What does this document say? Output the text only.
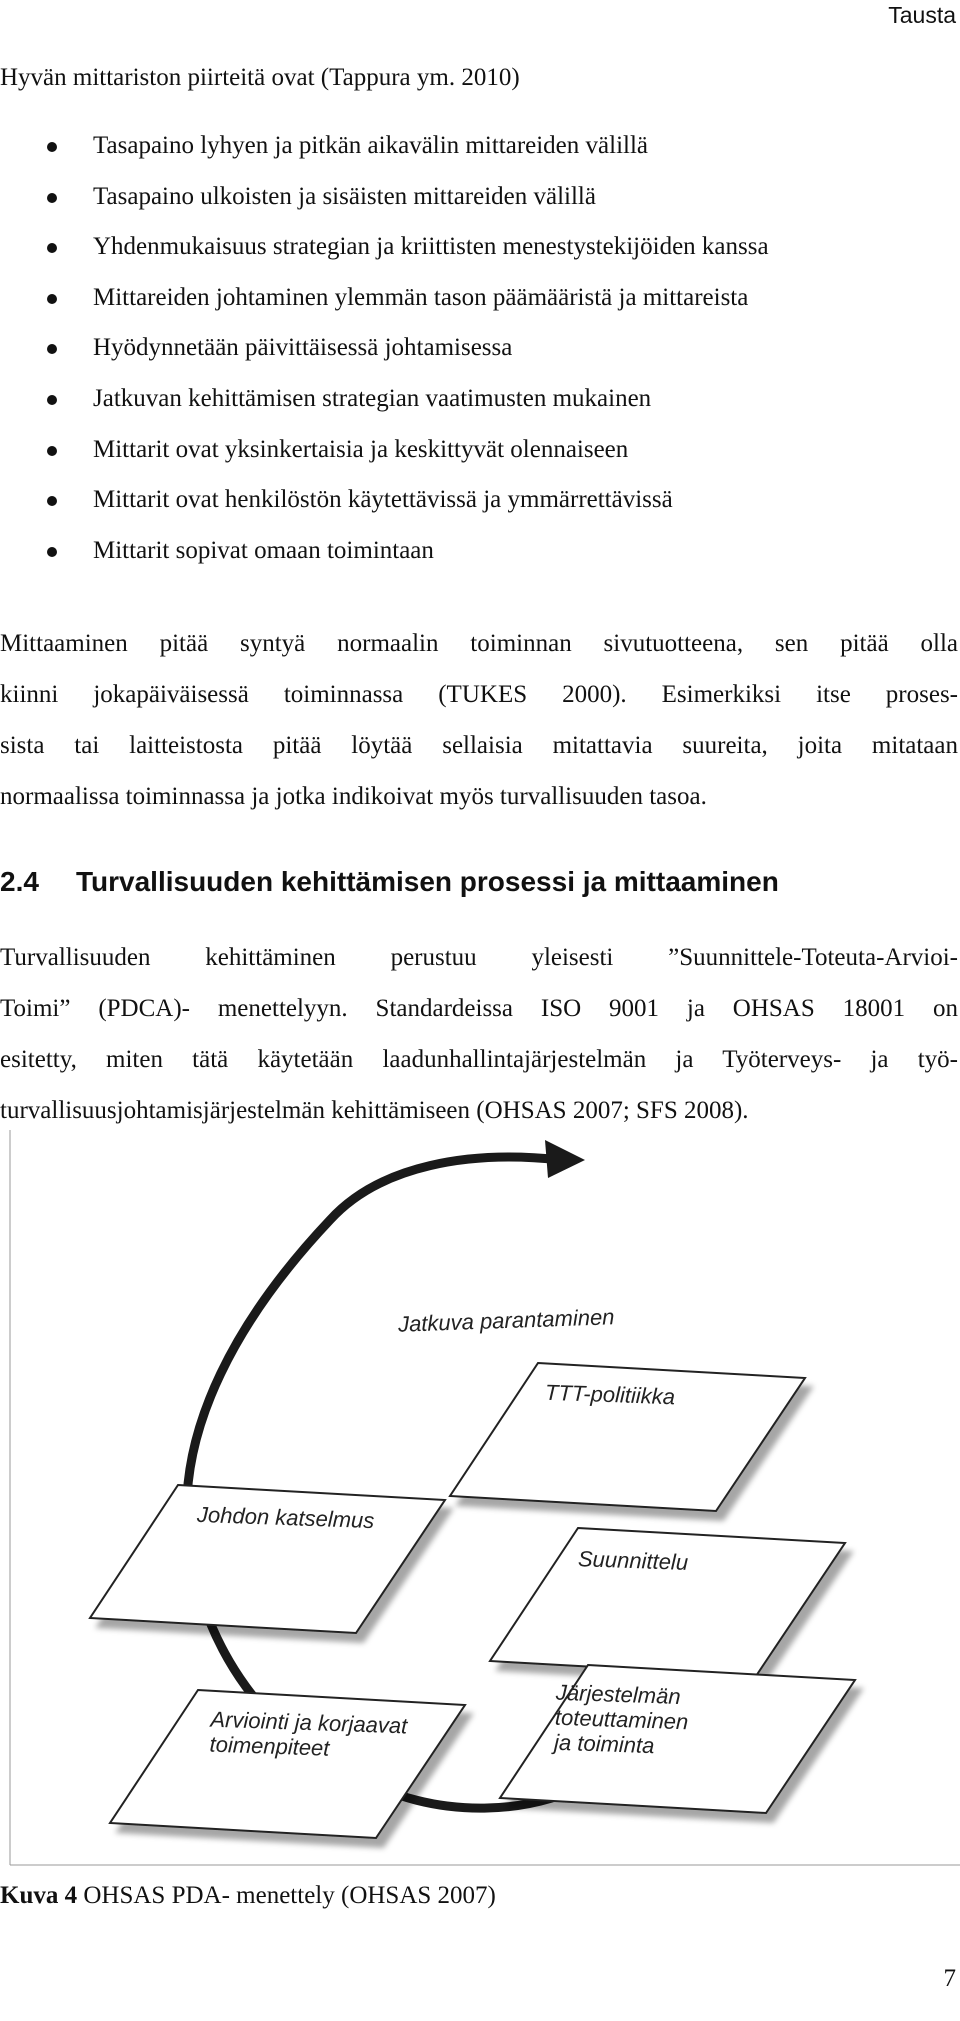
Tausta
Hyvän mittariston piirteitä ovat (Tappura ym. 2010)
Tasapaino lyhyen ja pitkän aikavälin mittareiden välillä
Tasapaino ulkoisten ja sisäisten mittareiden välillä
Yhdenmukaisuus strategian ja kriittisten menestystekijöiden kanssa
Mittareiden johtaminen ylemmän tason päämääristä ja mittareista
Hyödynnetään päivittäisessä johtamisessa
Jatkuvan kehittämisen strategian vaatimusten mukainen
Mittarit ovat yksinkertaisia ja keskittyvät olennaiseen
Mittarit ovat henkilöstön käytettävissä ja ymmärrettävissä
Mittarit sopivat omaan toimintaan
Mittaaminen pitää syntyä normaalin toiminnan sivutuotteena, sen pitää olla
kiinni jokapäiväisessä toiminnassa (TUKES 2000). Esimerkiksi itse proses-
sista tai laitteistosta pitää löytää sellaisia mitattavia suureita, joita mitataan
normaalissa toiminnassa ja jotka indikoivat myös turvallisuuden tasoa.
2.4 Turvallisuuden kehittämisen prosessi ja mittaaminen
Turvallisuuden kehittäminen perustuu yleisesti ”Suunnittele-Toteuta-Arvioi-
Toimi” (PDCA)- menettelyyn. Standardeissa ISO 9001 ja OHSAS 18001 on
esitetty, miten tätä käytetään laadunhallintajärjestelmän ja Työterveys- ja työ-
turvallisuusjohtamisjärjestelmän kehittämiseen (OHSAS 2007; SFS 2008).
Jatkuva parantaminen
TTT-politiikka
Johdon katselmus
Suunnittelu
Arviointi ja korjaavat
toimenpiteet
Järjestelmän
toteuttaminen
ja toiminta
Kuva 4 OHSAS PDA- menettely (OHSAS 2007)
7
